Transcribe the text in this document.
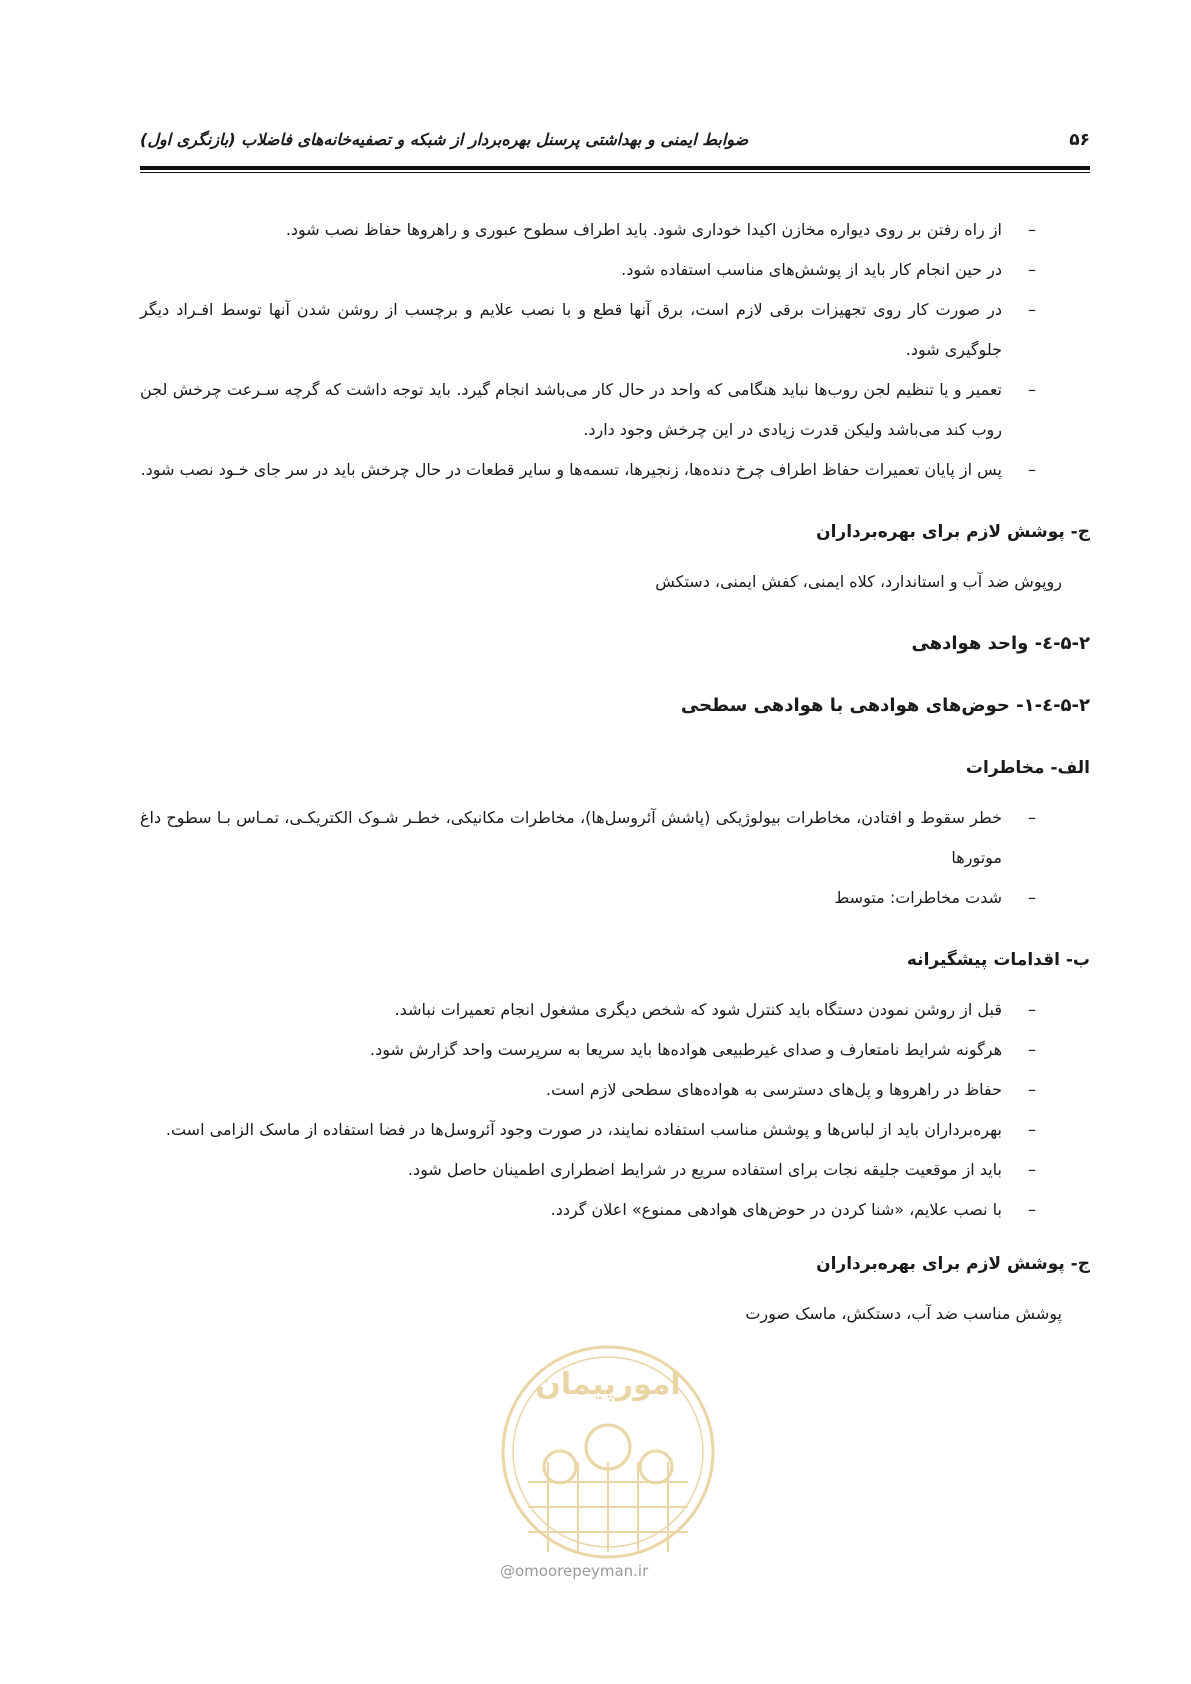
ضوابط ایمنی و بهداشتی پرسنل بهره‌بردار از شبکه و تصفیه‌خانه‌های فاضلاب (بازنگری اول)	۵۶
– از راه رفتن بر روی دیواره مخازن اکیدا خوداری شود. باید اطراف سطوح عبوری و راهروها حفاظ نصب شود.
– در حین انجام کار باید از پوشش‌های مناسب استفاده شود.
– در صورت کار روی تجهیزات برقی لازم است، برق آنها قطع و با نصب علایم و برچسب از روشن شدن آنها توسط افـراد دیگر جلوگیری شود.
– تعمیر و یا تنظیم لجن روب‌ها نباید هنگامی که واحد در حال کار می‌باشد انجام گیرد. باید توجه داشت که گرچه سـرعت چرخش لجن روب کند می‌باشد ولیکن قدرت زیادی در این چرخش وجود دارد.
– پس از پایان تعمیرات حفاظ اطراف چرخ دنده‌ها، زنجیرها، تسمه‌ها و سایر قطعات در حال چرخش باید در سر جای خـود نصب شود.

ج- پوشش لازم برای بهره‌برداران

روپوش ضد آب و استاندارد، کلاه ایمنی، کفش ایمنی، دستکش

۵-۲-٤- واحد هوادهی

۵-۲-٤-۱- حوض‌های هوادهی با هوادهی سطحی

الف- مخاطرات

– خطر سقوط و افتادن، مخاطرات بیولوژیکی (پاشش آئروسل‌ها)، مخاطرات مکانیکی، خطـر شـوک الکتریکـی، تمـاس بـا سطوح داغ موتورها
– شدت مخاطرات: متوسط

ب- اقدامات پیشگیرانه

– قبل از روشن نمودن دستگاه باید کنترل شود که شخص دیگری مشغول انجام تعمیرات نباشد.
– هرگونه شرایط نامتعارف و صدای غیرطبیعی هواده‌ها باید سریعا به سرپرست واحد گزارش شود.
– حفاظ در راهروها و پل‌های دسترسی به هواده‌های سطحی لازم است.
– بهره‌برداران باید از لباس‌ها و پوشش مناسب استفاده نمایند، در صورت وجود آئروسل‌ها در فضا استفاده از ماسک الزامی است.
– باید از موقعیت جلیقه نجات برای استفاده سریع در شرایط اضطراری اطمینان حاصل شود.
– با نصب علایم، «شنا کردن در حوض‌های هوادهی ممنوع» اعلان گردد.

ج- پوشش لازم برای بهره‌برداران

پوشش مناسب ضد آب، دستکش، ماسک صورت

امورپیمان
@omoorepeyman.ir
